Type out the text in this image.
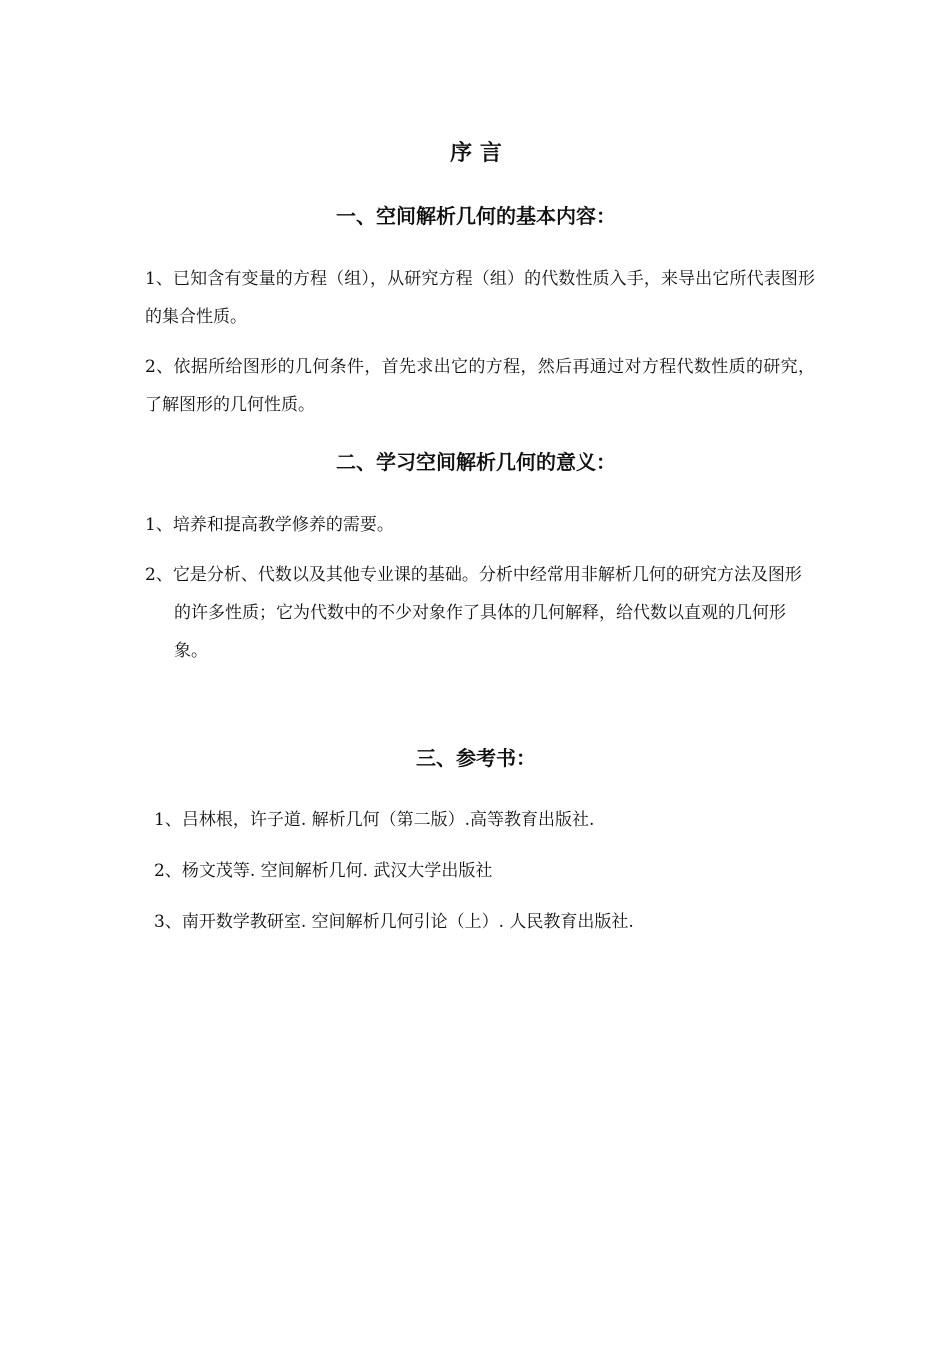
序 言
一、空间解析几何的基本内容：
1、已知含有变量的方程（组），从研究方程（组）的代数性质入手，来导出它所代表图形的集合性质。
2、依据所给图形的几何条件，首先求出它的方程，然后再通过对方程代数性质的研究，了解图形的几何性质。
二、学习空间解析几何的意义：
1、培养和提高教学修养的需要。
2、它是分析、代数以及其他专业课的基础。分析中经常用非解析几何的研究方法及图形的许多性质；它为代数中的不少对象作了具体的几何解释，给代数以直观的几何形象。
三、参考书：
1、吕林根，许子道. 解析几何（第二版）.高等教育出版社.
2、杨文茂等. 空间解析几何. 武汉大学出版社
3、南开数学教研室. 空间解析几何引论（上）. 人民教育出版社.
